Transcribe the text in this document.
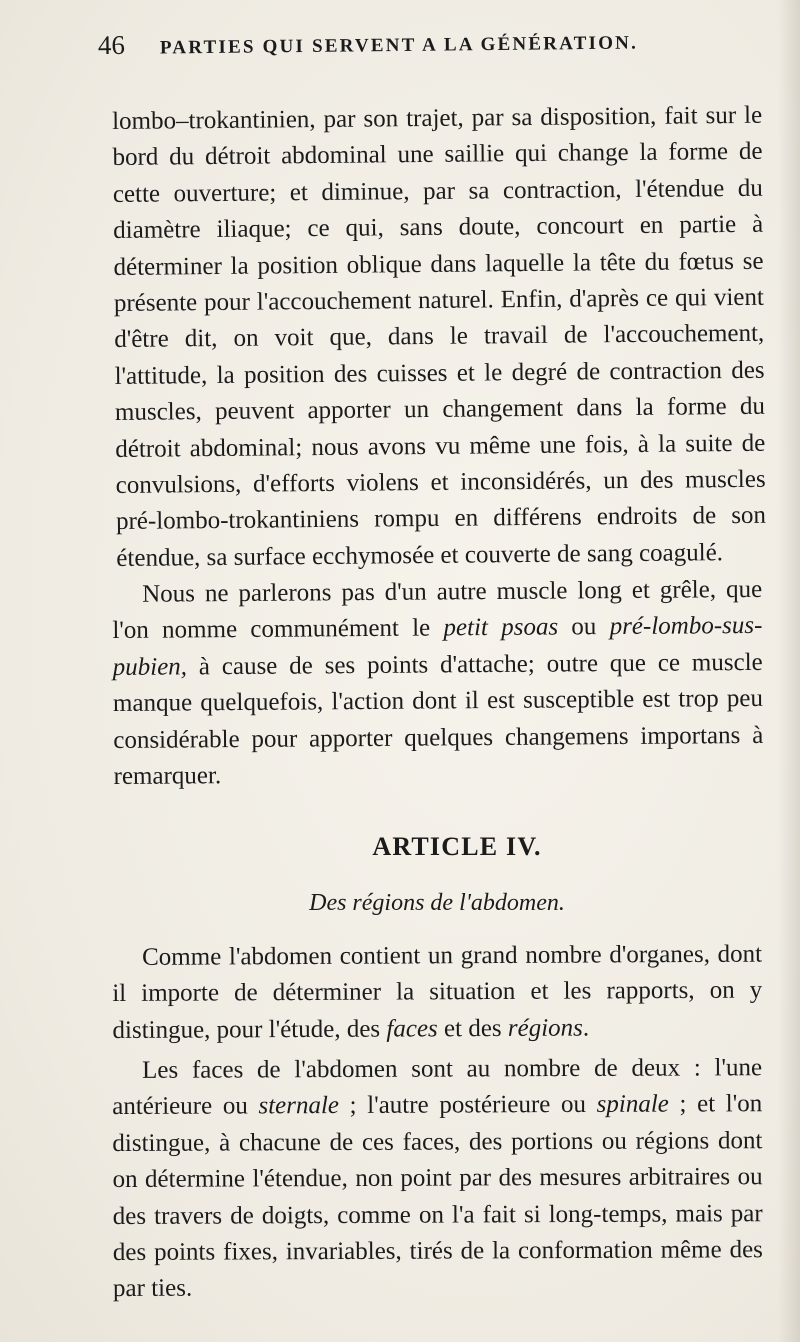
46	PARTIES QUI SERVENT A LA GÉNÉRATION.

lombo–trokantinien, par son trajet, par sa disposition, fait sur le bord du détroit abdominal une saillie qui change la forme de cette ouverture; et diminue, par sa contraction, l'étendue du diamètre iliaque; ce qui, sans doute, concourt en partie à déterminer la position oblique dans laquelle la tête du fœtus se présente pour l'accouchement naturel. Enfin, d'après ce qui vient d'être dit, on voit que, dans le travail de l'accouchement, l'attitude, la position des cuisses et le degré de contraction des muscles, peuvent apporter un changement dans la forme du détroit abdominal; nous avons vu même une fois, à la suite de convulsions, d'efforts violens et inconsidérés, un des muscles pré-lombo-trokantiniens rompu en différens endroits de son étendue, sa surface ecchymosée et couverte de sang coagulé.

Nous ne parlerons pas d'un autre muscle long et grêle, que l'on nomme communément le petit psoas ou pré-lombo-sus-pubien, à cause de ses points d'attache; outre que ce muscle manque quelquefois, l'action dont il est susceptible est trop peu considérable pour apporter quelques changemens importans à remarquer.

ARTICLE IV.
Des régions de l'abdomen.

Comme l'abdomen contient un grand nombre d'organes, dont il importe de déterminer la situation et les rapports, on y distingue, pour l'étude, des faces et des régions.

Les faces de l'abdomen sont au nombre de deux : l'une antérieure ou sternale ; l'autre postérieure ou spinale ; et l'on distingue, à chacune de ces faces, des portions ou régions dont on détermine l'étendue, non point par des mesures arbitraires ou des travers de doigts, comme on l'a fait si long-temps, mais par des points fixes, invariables, tirés de la conformation même des par ties.
